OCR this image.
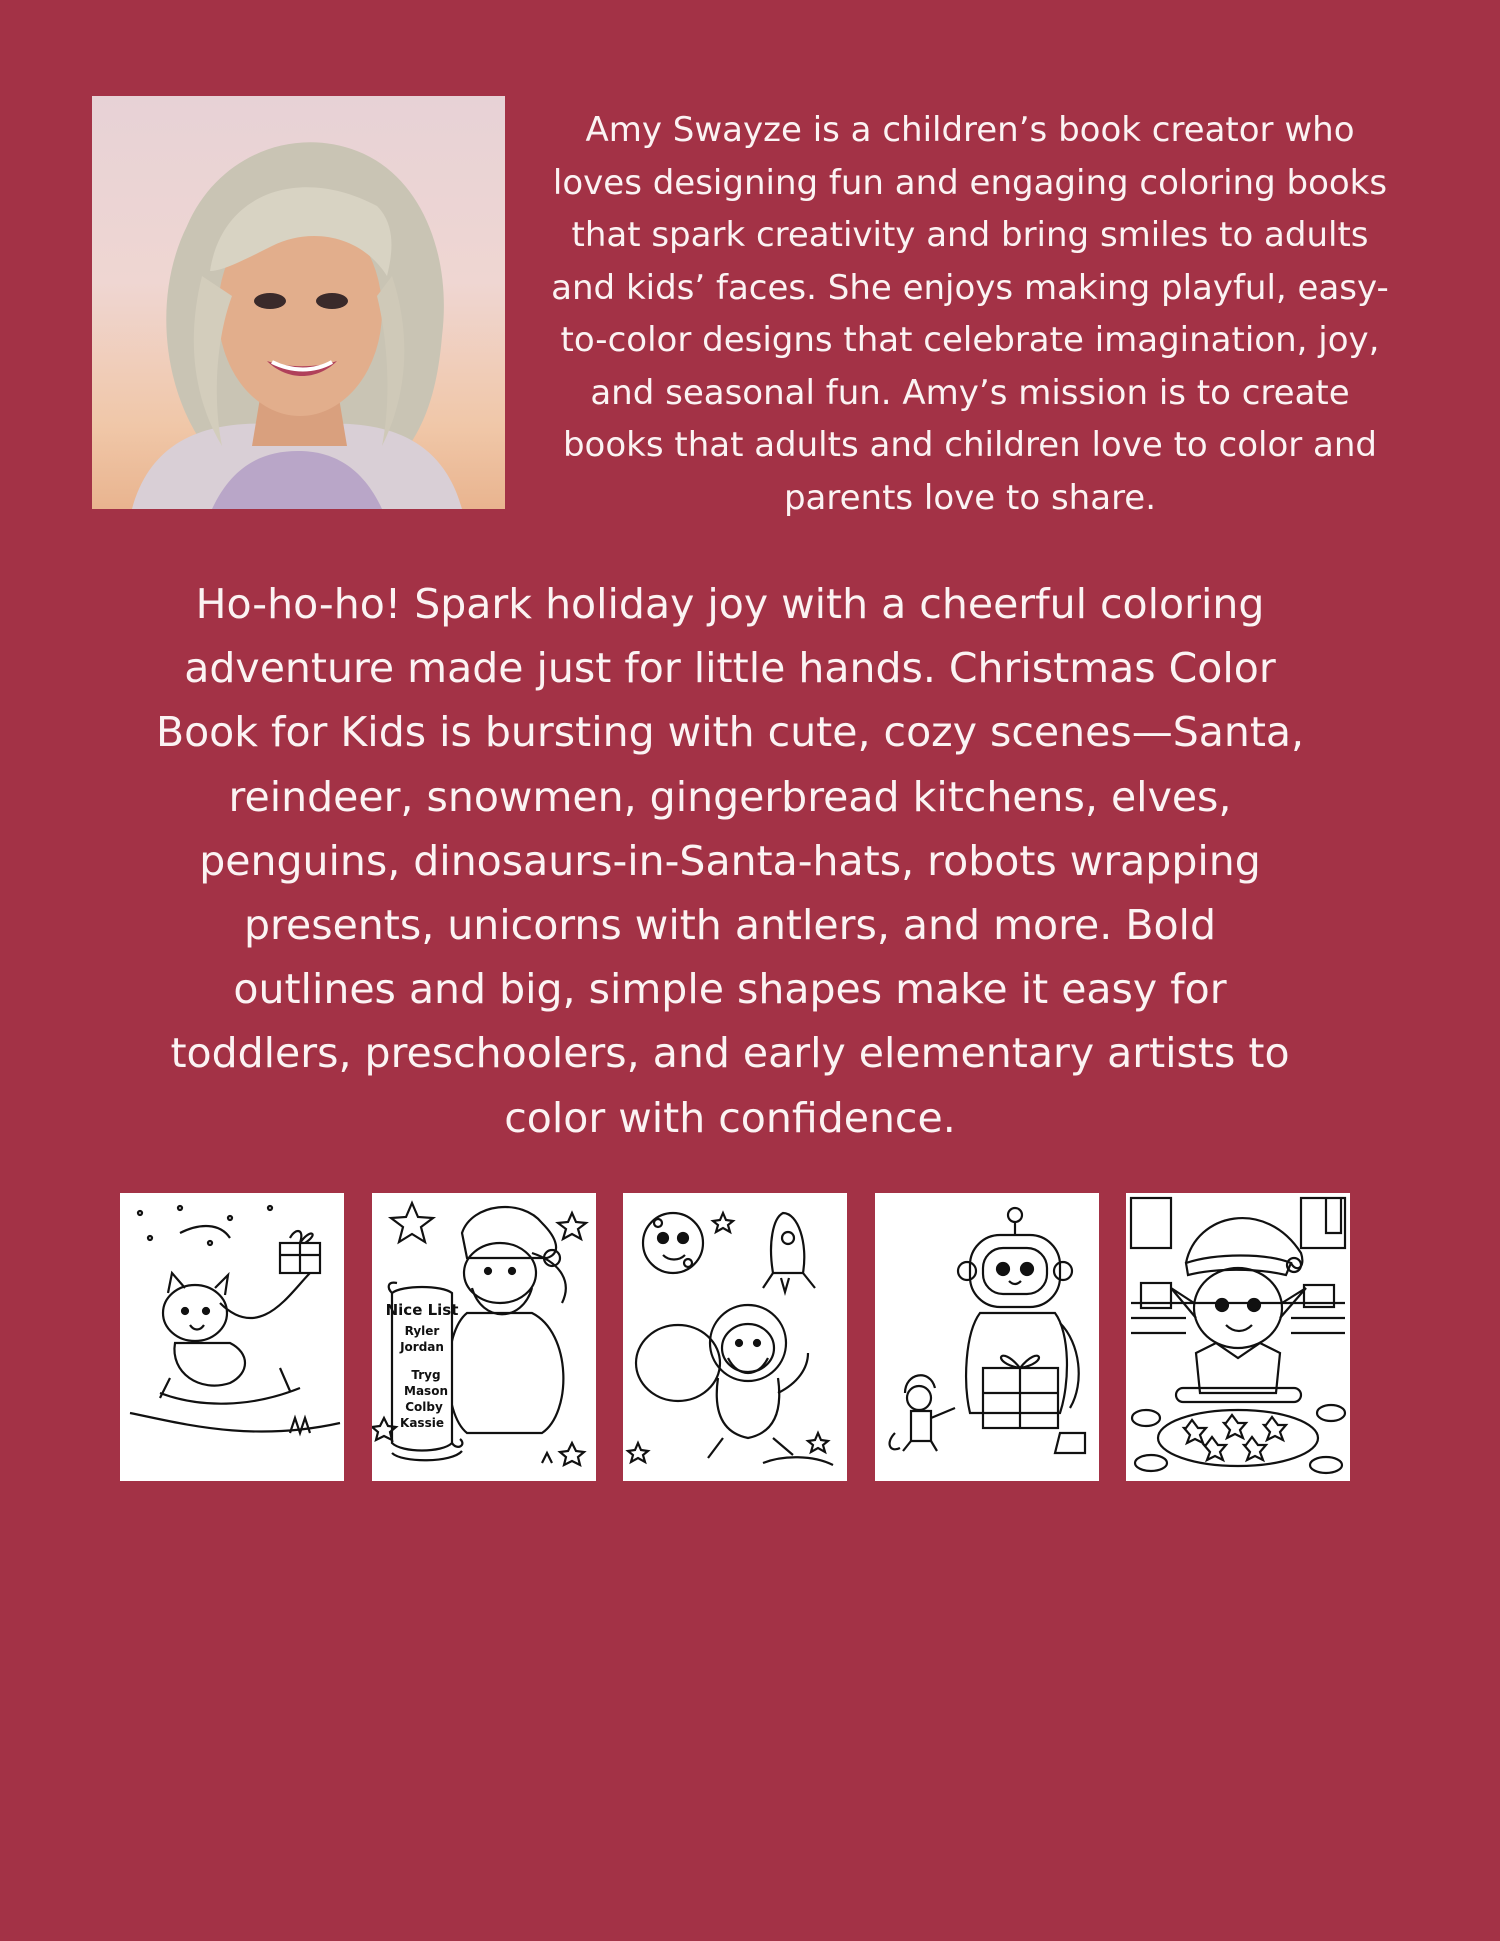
Amy Swayze is a children’s book creator who
loves designing fun and engaging coloring books
that spark creativity and bring smiles to adults
and kids’ faces. She enjoys making playful, easy-
to-color designs that celebrate imagination, joy,
and seasonal fun. Amy’s mission is to create
books that adults and children love to color and
parents love to share.
Ho-ho-ho! Spark holiday joy with a cheerful coloring
adventure made just for little hands. Christmas Color
Book for Kids is bursting with cute, cozy scenes—Santa,
reindeer, snowmen, gingerbread kitchens, elves,
penguins, dinosaurs-in-Santa-hats, robots wrapping
presents, unicorns with antlers, and more. Bold
outlines and big, simple shapes make it easy for
toddlers, preschoolers, and early elementary artists to
color with confidence.
Nice List
Ryler
Jordan
Tryg
Mason
Colby
Kassie
